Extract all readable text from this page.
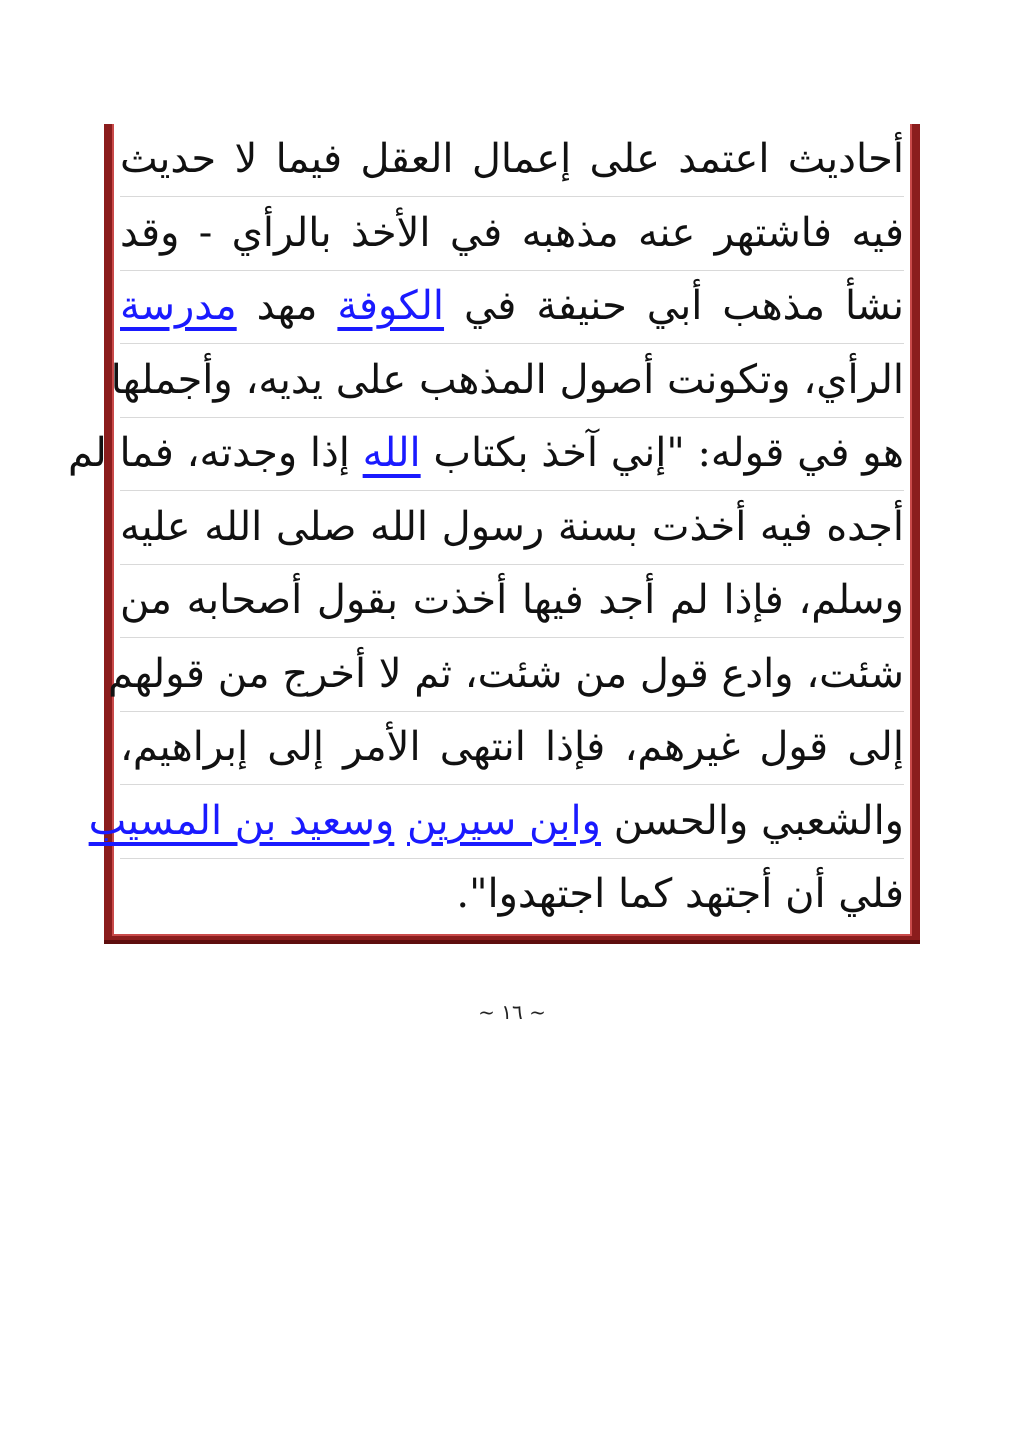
أحاديث اعتمد على إعمال العقل فيما لا حديث
فيه فاشتهر عنه مذهبه في الأخذ بالرأي - وقد
نشأ مذهب أبي حنيفة في الكوفة مهد مدرسة
الرأي، وتكونت أصول المذهب على يديه، وأجملها
هو في قوله: "إني آخذ بكتاب الله إذا وجدته، فما لم
أجده فيه أخذت بسنة رسول الله صلى الله عليه
وسلم، فإذا لم أجد فيها أخذت بقول أصحابه من
شئت، وادع قول من شئت، ثم لا أخرج من قولهم
إلى قول غيرهم، فإذا انتهى الأمر إلى إبراهيم،
والشعبي والحسن وابن سيرين وسعيد بن المسيب
فلي أن أجتهد كما اجتهدوا".
~ ١٦ ~
